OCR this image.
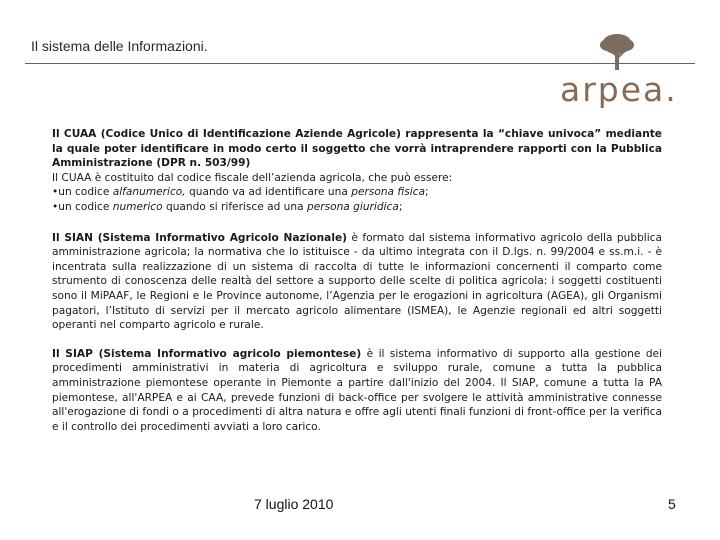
Il sistema delle Informazioni.
arpea.
Il CUAA (Codice Unico di Identificazione Aziende Agricole) rappresenta la “chiave univoca” mediante la quale poter identificare in modo certo il soggetto che vorrà intraprendere rapporti con la Pubblica Amministrazione (DPR n. 503/99)
Il CUAA è costituito dal codice fiscale dell’azienda agricola, che può essere:
•un codice alfanumerico, quando va ad identificare una persona fisica;
•un codice numerico quando si riferisce ad una persona giuridica;
Il SIAN (Sistema Informativo Agricolo Nazionale) è formato dal sistema informativo agricolo della pubblica amministrazione agricola; la normativa che lo istituisce - da ultimo integrata con il D.lgs. n. 99/2004 e ss.m.i. - è incentrata sulla realizzazione di un sistema di raccolta di tutte le informazioni concernenti il comparto come strumento di conoscenza delle realtà del settore a supporto delle scelte di politica agricola: i soggetti costituenti sono il MiPAAF, le Regioni e le Province autonome, l’Agenzia per le erogazioni in agricoltura (AGEA), gli Organismi pagatori, l’Istituto di servizi per il mercato agricolo alimentare (ISMEA), le Agenzie regionali ed altri soggetti operanti nel comparto agricolo e rurale.
Il SIAP (Sistema Informativo agricolo piemontese) è il sistema informativo di supporto alla gestione dei procedimenti amministrativi in materia di agricoltura e sviluppo rurale, comune a tutta la pubblica amministrazione piemontese operante in Piemonte a partire dall'inizio del 2004. Il SIAP, comune a tutta la PA piemontese, all'ARPEA e ai CAA, prevede funzioni di back-office per svolgere le attività amministrative connesse all'erogazione di fondi o a procedimenti di altra natura e offre agli utenti finali funzioni di front-office per la verifica e il controllo dei procedimenti avviati a loro carico.
7 luglio 2010	5
